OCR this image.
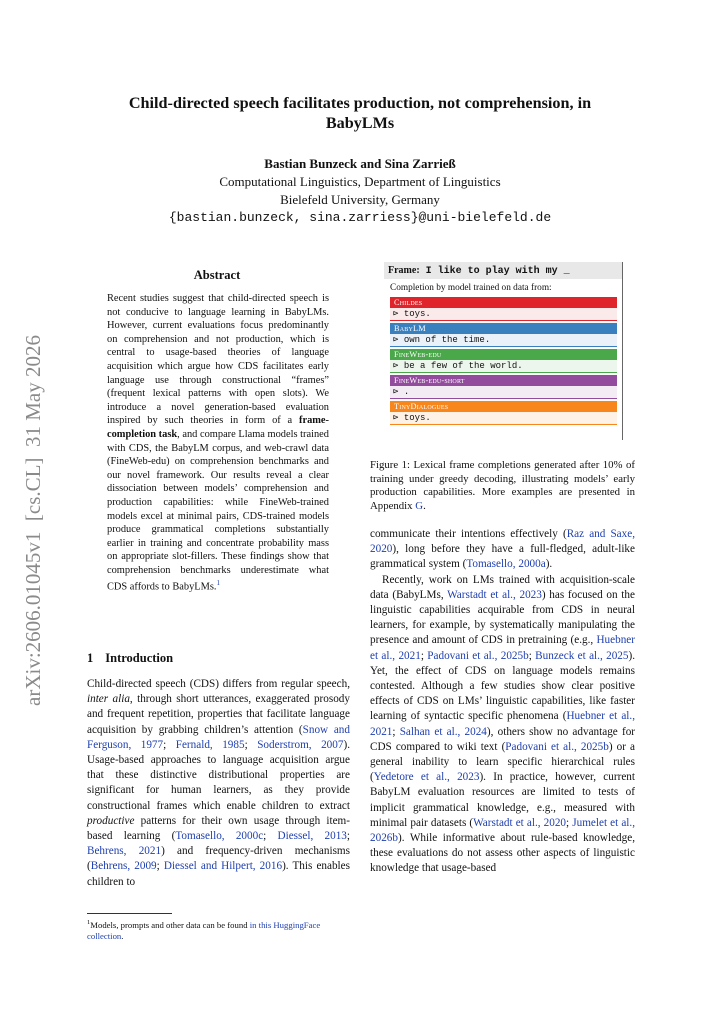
arXiv:2606.01045v1  [cs.CL]  31 May 2026
Child-directed speech facilitates production, not comprehension, in BabyLMs
Bastian Bunzeck and Sina Zarrieß
Computational Linguistics, Department of Linguistics
Bielefeld University, Germany
{bastian.bunzeck, sina.zarriess}@uni-bielefeld.de
Abstract

Recent studies suggest that child-directed speech is not conducive to language learning in BabyLMs. However, current evaluations focus predominantly on comprehension and not production, which is central to usage-based theories of language acquisition which argue how CDS facilitates early language use through constructional “frames” (frequent lexical patterns with open slots). We introduce a novel generation-based evaluation inspired by such theories in form of a frame-completion task, and compare Llama models trained with CDS, the BabyLM corpus, and web-crawl data (FineWeb-edu) on comprehension benchmarks and our novel framework. Our results reveal a clear dissociation between models’ comprehension and production capabilities: while FineWeb-trained models excel at minimal pairs, CDS-trained models produce grammatical completions substantially earlier in training and concentrate probability mass on appropriate slot-fillers. These findings show that comprehension benchmarks underestimate what CDS affords to BabyLMs.$^1$

1 Introduction

Child-directed speech (CDS) differs from regular speech, inter alia, through short utterances, exaggerated prosody and frequent repetition, properties that facilitate language acquisition by grabbing children’s attention (Snow and Ferguson, 1977; Fernald, 1985; Soderstrom, 2007). Usage-based approaches to language acquisition argue that these distinctive distributional properties are significant for human learners, as they provide constructional frames which enable children to extract productive patterns for their own usage through item-based learning (Tomasello, 2000c; Diessel, 2013; Behrens, 2021) and frequency-driven mechanisms (Behrens, 2009; Diessel and Hilpert, 2016). This enables children to

$^1$Models, prompts and other data can be found in this HuggingFace collection.
Frame: I like to play with my _
Completion by model trained on data from:
Childes
⊳ toys.
BabyLM
⊳ own of the time.
FineWeb-edu
⊳ be a few of the world.
FineWeb-edu-short
⊳ .
TinyDialogues
⊳ toys.

Figure 1: Lexical frame completions generated after 10% of training under greedy decoding, illustrating models’ early production capabilities. More examples are presented in Appendix G.

communicate their intentions effectively (Raz and Saxe, 2020), long before they have a full-fledged, adult-like grammatical system (Tomasello, 2000a).

Recently, work on LMs trained with acquisition-scale data (BabyLMs, Warstadt et al., 2023) has focused on the linguistic capabilities acquirable from CDS in neural learners, for example, by systematically manipulating the presence and amount of CDS in pretraining (e.g., Huebner et al., 2021; Padovani et al., 2025b; Bunzeck et al., 2025). Yet, the effect of CDS on language models remains contested. Although a few studies show clear positive effects of CDS on LMs’ linguistic capabilities, like faster learning of syntactic specific phenomena (Huebner et al., 2021; Salhan et al., 2024), others show no advantage for CDS compared to wiki text (Padovani et al., 2025b) or a general inability to learn specific hierarchical rules (Yedetore et al., 2023). In practice, however, current BabyLM evaluation resources are limited to tests of implicit grammatical knowledge, e.g., measured with minimal pair datasets (Warstadt et al., 2020; Jumelet et al., 2026b). While informative about rule-based knowledge, these evaluations do not assess other aspects of linguistic knowledge that usage-based
